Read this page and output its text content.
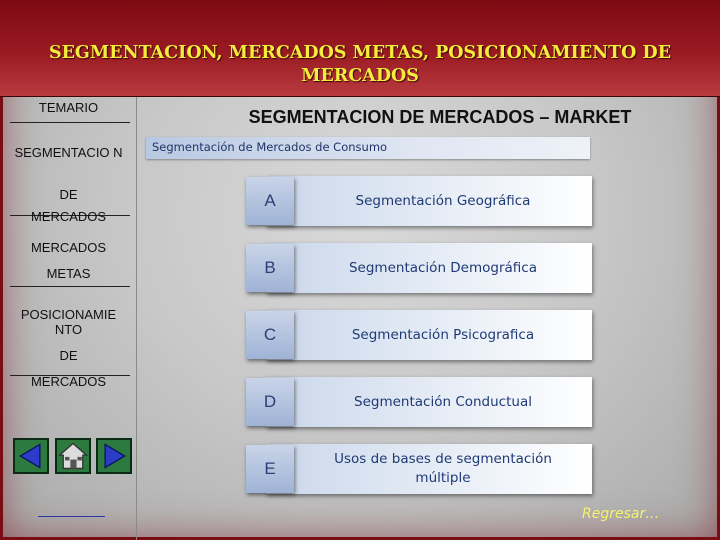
SEGMENTACION, MERCADOS METAS, POSICIONAMIENTO DE MERCADOS
TEMARIO
SEGMENTACIO N
DE
MERCADOS
MERCADOS
METAS
POSICIONAMIE NTO
DE
MERCADOS
SEGMENTACION DE MERCADOS – MARKET
Segmentación de Mercados de Consumo
A	Segmentación Geográfica
B	Segmentación Demográfica
C	Segmentación Psicografica
D	Segmentación Conductual
E	Usos de bases de segmentación múltiple
Regresar…
